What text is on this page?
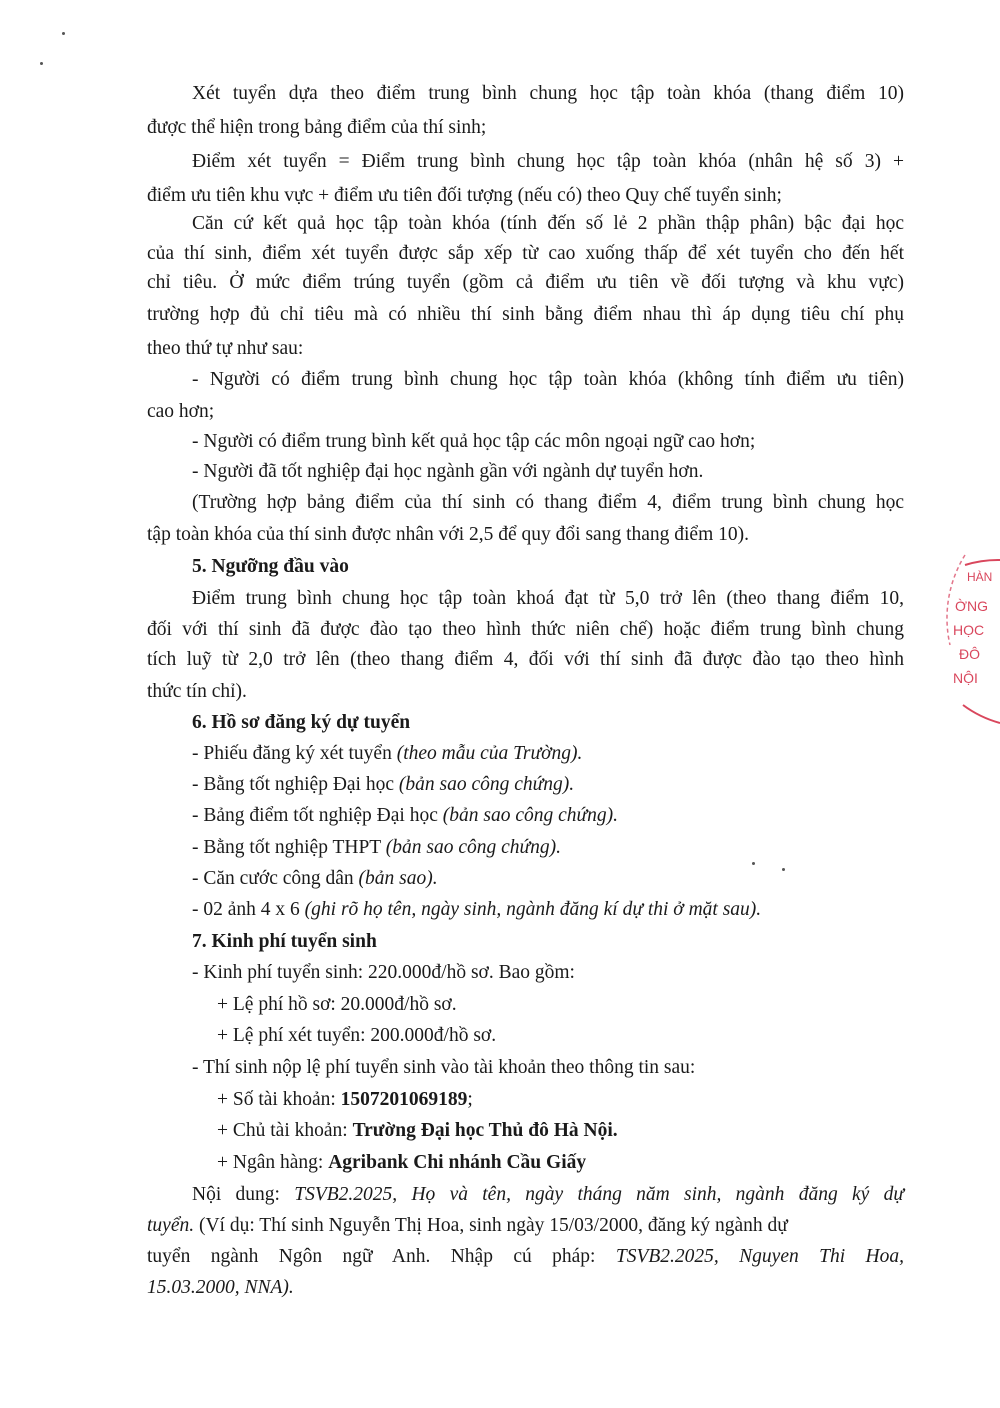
Xét tuyển dựa theo điểm trung bình chung học tập toàn khóa (thang điểm 10)
được thể hiện trong bảng điểm của thí sinh;
Điểm xét tuyển = Điểm trung bình chung học tập toàn khóa (nhân hệ số 3) +
điểm ưu tiên khu vực + điểm ưu tiên đối tượng (nếu có) theo Quy chế tuyển sinh;
Căn cứ kết quả học tập toàn khóa (tính đến số lẻ 2 phần thập phân) bậc đại học
của thí sinh, điểm xét tuyển được sắp xếp từ cao xuống thấp để xét tuyển cho đến hết
chỉ tiêu. Ở mức điểm trúng tuyển (gồm cả điểm ưu tiên về đối tượng và khu vực)
trường hợp đủ chỉ tiêu mà có nhiều thí sinh bằng điểm nhau thì áp dụng tiêu chí phụ
theo thứ tự như sau:
- Người có điểm trung bình chung học tập toàn khóa (không tính điểm ưu tiên)
cao hơn;
- Người có điểm trung bình kết quả học tập các môn ngoại ngữ cao hơn;
- Người đã tốt nghiệp đại học ngành gần với ngành dự tuyển hơn.
(Trường hợp bảng điểm của thí sinh có thang điểm 4, điểm trung bình chung học
tập toàn khóa của thí sinh được nhân với 2,5 để quy đổi sang thang điểm 10).
5. Ngưỡng đầu vào
Điểm trung bình chung học tập toàn khoá đạt từ 5,0 trở lên (theo thang điểm 10,
đối với thí sinh đã được đào tạo theo hình thức niên chế) hoặc điểm trung bình chung
tích luỹ từ 2,0 trở lên (theo thang điểm 4, đối với thí sinh đã được đào tạo theo hình
thức tín chỉ).
6. Hồ sơ đăng ký dự tuyển
- Phiếu đăng ký xét tuyển (theo mẫu của Trường).
- Bằng tốt nghiệp Đại học (bản sao công chứng).
- Bảng điểm tốt nghiệp Đại học (bản sao công chứng).
- Bằng tốt nghiệp THPT (bản sao công chứng).
- Căn cước công dân (bản sao).
- 02 ảnh 4 x 6 (ghi rõ họ tên, ngày sinh, ngành đăng kí dự thi ở mặt sau).
7. Kinh phí tuyển sinh
- Kinh phí tuyển sinh: 220.000đ/hồ sơ. Bao gồm:
+ Lệ phí hồ sơ: 20.000đ/hồ sơ.
+ Lệ phí xét tuyển: 200.000đ/hồ sơ.
- Thí sinh nộp lệ phí tuyển sinh vào tài khoản theo thông tin sau:
+ Số tài khoản: 1507201069189;
+ Chủ tài khoản: Trường Đại học Thủ đô Hà Nội.
+ Ngân hàng: Agribank Chi nhánh Cầu Giấy
Nội dung: TSVB2.2025, Họ và tên, ngày tháng năm sinh, ngành đăng ký dự
tuyển. (Ví dụ: Thí sinh Nguyễn Thị Hoa, sinh ngày 15/03/2000, đăng ký ngành dự
tuyển ngành Ngôn ngữ Anh. Nhập cú pháp: TSVB2.2025, Nguyen Thi Hoa,
15.03.2000, NNA).
HÀN
ỜNG
HỌC
ĐÔ
NỘI
